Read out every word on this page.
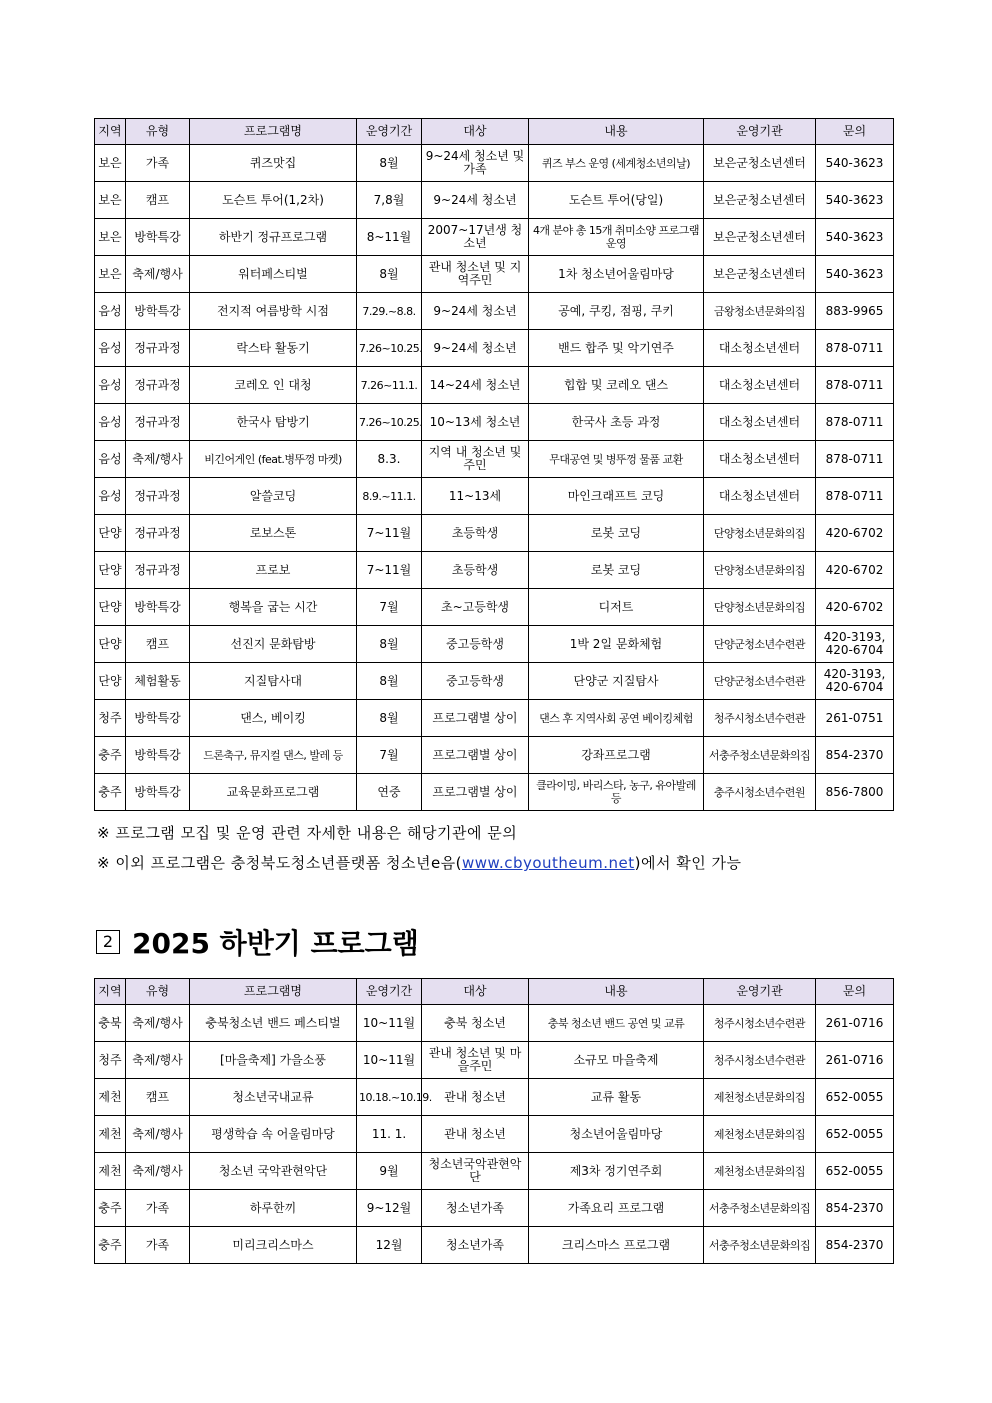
지역	유형	프로그램명	운영기간	대상	내용	운영기관	문의
보은	가족	퀴즈맛집	8월	9~24세 청소년 및 가족	퀴즈 부스 운영 (세계청소년의날)	보은군청소년센터	540-3623
보은	캠프	도슨트 투어(1,2차)	7,8월	9~24세 청소년	도슨트 투어(당일)	보은군청소년센터	540-3623
보은	방학특강	하반기 정규프로그램	8~11월	2007~17년생 청소년	4개 분야 총 15개 취미소양 프로그램 운영	보은군청소년센터	540-3623
보은	축제/행사	워터페스티벌	8월	관내 청소년 및 지역주민	1차 청소년어울림마당	보은군청소년센터	540-3623
음성	방학특강	전지적 여름방학 시점	7.29.~8.8.	9~24세 청소년	공예, 쿠킹, 점핑, 쿠키	금왕청소년문화의집	883-9965
음성	정규과정	락스타 활동기	7.26~10.25.	9~24세 청소년	밴드 합주 및 악기연주	대소청소년센터	878-0711
음성	정규과정	코레오 인 대청	7.26~11.1.	14~24세 청소년	힙합 및 코레오 댄스	대소청소년센터	878-0711
음성	정규과정	한국사 탐방기	7.26~10.25.	10~13세 청소년	한국사 초등 과정	대소청소년센터	878-0711
음성	축제/행사	비긴어게인 (feat.병뚜껑 마켓)	8.3.	지역 내 청소년 및 주민	무대공연 및 병뚜껑 물품 교환	대소청소년센터	878-0711
음성	정규과정	알쓸코딩	8.9.~11.1.	11~13세	마인크래프트 코딩	대소청소년센터	878-0711
단양	정규과정	로보스톤	7~11월	초등학생	로봇 코딩	단양청소년문화의집	420-6702
단양	정규과정	프로보	7~11월	초등학생	로봇 코딩	단양청소년문화의집	420-6702
단양	방학특강	행복을 굽는 시간	7월	초~고등학생	디저트	단양청소년문화의집	420-6702
단양	캠프	선진지 문화탐방	8월	중고등학생	1박 2일 문화체험	단양군청소년수련관	420-3193, 420-6704
단양	체험활동	지질탐사대	8월	중고등학생	단양군 지질탐사	단양군청소년수련관	420-3193, 420-6704
청주	방학특강	댄스, 베이킹	8월	프로그램별 상이	댄스 후 지역사회 공연 베이킹체험	청주시청소년수련관	261-0751
충주	방학특강	드론축구, 뮤지컬 댄스, 발레 등	7월	프로그램별 상이	강좌프로그램	서충주청소년문화의집	854-2370
충주	방학특강	교육문화프로그램	연중	프로그램별 상이	클라이밍, 바리스타, 농구, 유아발레 등	충주시청소년수련원	856-7800
※ 프로그램 모집 및 운영 관련 자세한 내용은 해당기관에 문의
※ 이외 프로그램은 충청북도청소년플랫폼 청소년e음(www.cbyoutheum.net)에서 확인 가능
2 2025 하반기 프로그램
지역	유형	프로그램명	운영기간	대상	내용	운영기관	문의
충북	축제/행사	충북청소년 밴드 페스티벌	10~11월	충북 청소년	충북 청소년 밴드 공연 및 교류	청주시청소년수련관	261-0716
청주	축제/행사	[마을축제] 가을소풍	10~11월	관내 청소년 및 마을주민	소규모 마을축제	청주시청소년수련관	261-0716
제천	캠프	청소년국내교류	10.18.~10.19.	관내 청소년	교류 활동	제천청소년문화의집	652-0055
제천	축제/행사	평생학습 속 어울림마당	11. 1.	관내 청소년	청소년어울림마당	제천청소년문화의집	652-0055
제천	축제/행사	청소년 국악관현악단	9월	청소년국악관현악단	제3차 정기연주회	제천청소년문화의집	652-0055
충주	가족	하루한끼	9~12월	청소년가족	가족요리 프로그램	서충주청소년문화의집	854-2370
충주	가족	미리크리스마스	12월	청소년가족	크리스마스 프로그램	서충주청소년문화의집	854-2370
